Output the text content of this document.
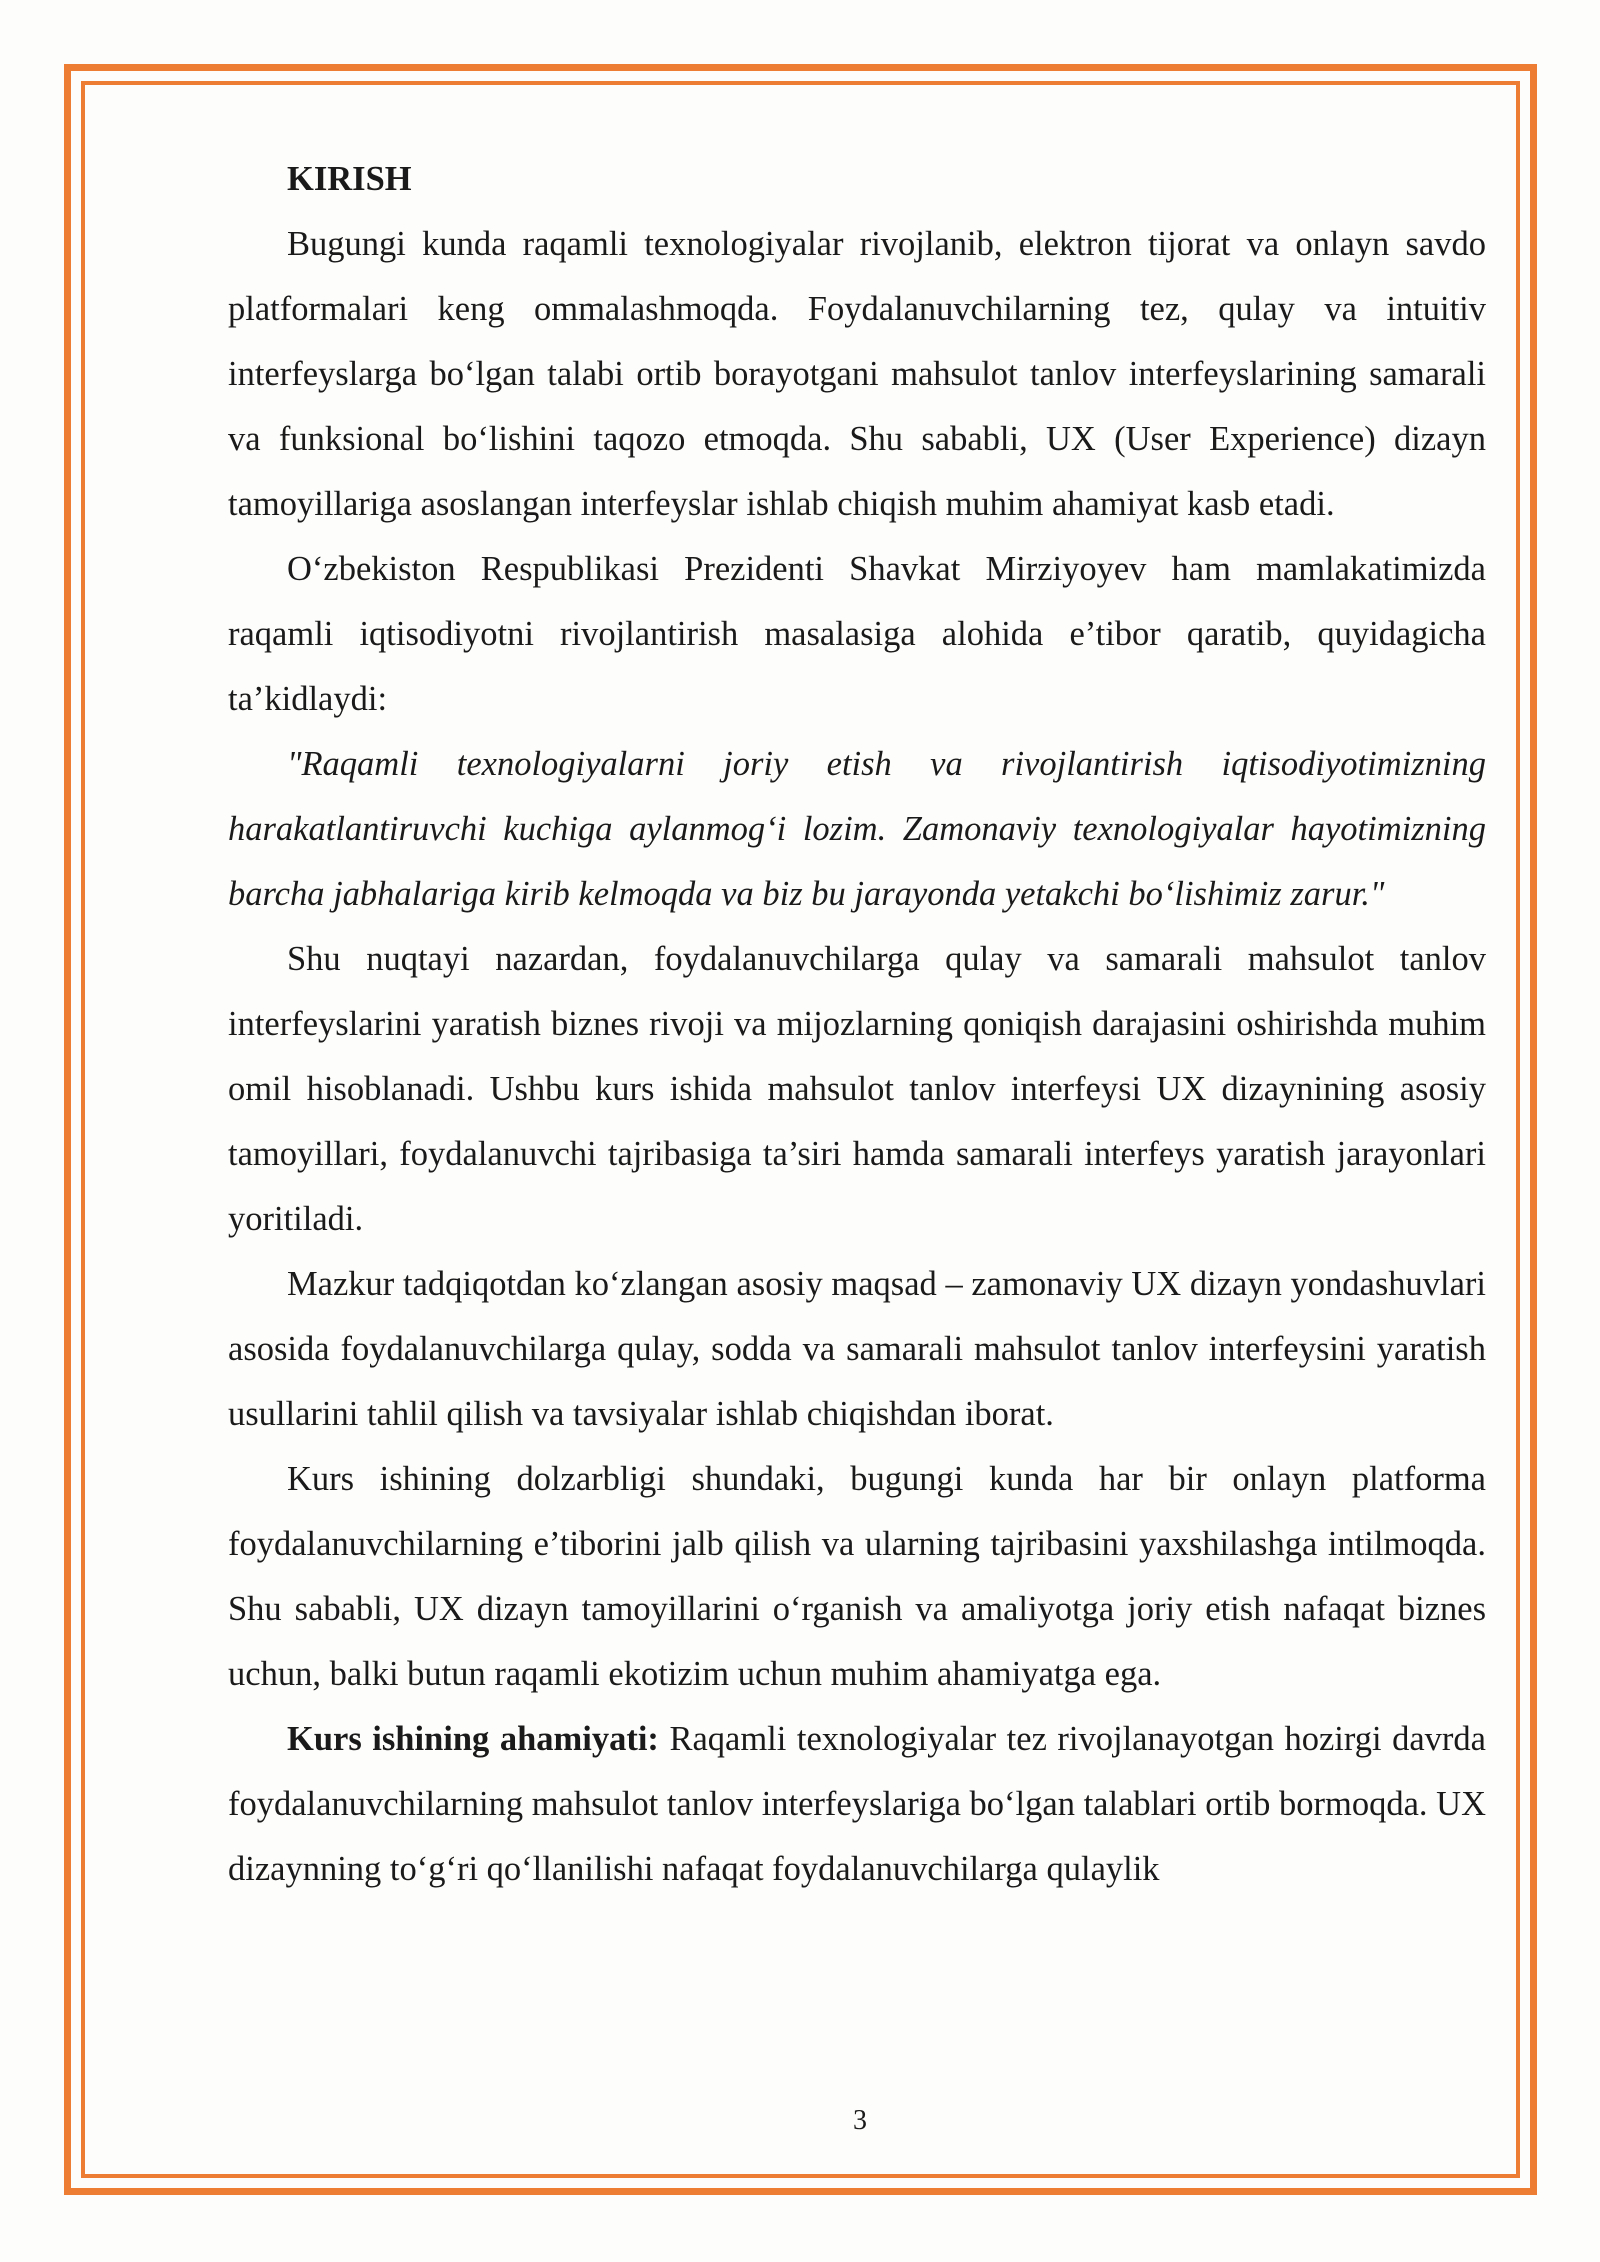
KIRISH

Bugungi kunda raqamli texnologiyalar rivojlanib, elektron tijorat va onlayn savdo platformalari keng ommalashmoqda. Foydalanuvchilarning tez, qulay va intuitiv interfeyslarga bo‘lgan talabi ortib borayotgani mahsulot tanlov interfeyslarining samarali va funksional bo‘lishini taqozo etmoqda. Shu sababli, UX (User Experience) dizayn tamoyillariga asoslangan interfeyslar ishlab chiqish muhim ahamiyat kasb etadi.

O‘zbekiston Respublikasi Prezidenti Shavkat Mirziyoyev ham mamlakatimizda raqamli iqtisodiyotni rivojlantirish masalasiga alohida e’tibor qaratib, quyidagicha ta’kidlaydi:

"Raqamli texnologiyalarni joriy etish va rivojlantirish iqtisodiyotimizning harakatlantiruvchi kuchiga aylanmog‘i lozim. Zamonaviy texnologiyalar hayotimizning barcha jabhalariga kirib kelmoqda va biz bu jarayonda yetakchi bo‘lishimiz zarur."

Shu nuqtayi nazardan, foydalanuvchilarga qulay va samarali mahsulot tanlov interfeyslarini yaratish biznes rivoji va mijozlarning qoniqish darajasini oshirishda muhim omil hisoblanadi. Ushbu kurs ishida mahsulot tanlov interfeysi UX dizaynining asosiy tamoyillari, foydalanuvchi tajribasiga ta’siri hamda samarali interfeys yaratish jarayonlari yoritiladi.

Mazkur tadqiqotdan ko‘zlangan asosiy maqsad – zamonaviy UX dizayn yondashuvlari asosida foydalanuvchilarga qulay, sodda va samarali mahsulot tanlov interfeysini yaratish usullarini tahlil qilish va tavsiyalar ishlab chiqishdan iborat.

Kurs ishining dolzarbligi shundaki, bugungi kunda har bir onlayn platforma foydalanuvchilarning e’tiborini jalb qilish va ularning tajribasini yaxshilashga intilmoqda. Shu sababli, UX dizayn tamoyillarini o‘rganish va amaliyotga joriy etish nafaqat biznes uchun, balki butun raqamli ekotizim uchun muhim ahamiyatga ega.

Kurs ishining ahamiyati: Raqamli texnologiyalar tez rivojlanayotgan hozirgi davrda foydalanuvchilarning mahsulot tanlov interfeyslariga bo‘lgan talablari ortib bormoqda. UX dizaynning to‘g‘ri qo‘llanilishi nafaqat foydalanuvchilarga qulaylik

3
